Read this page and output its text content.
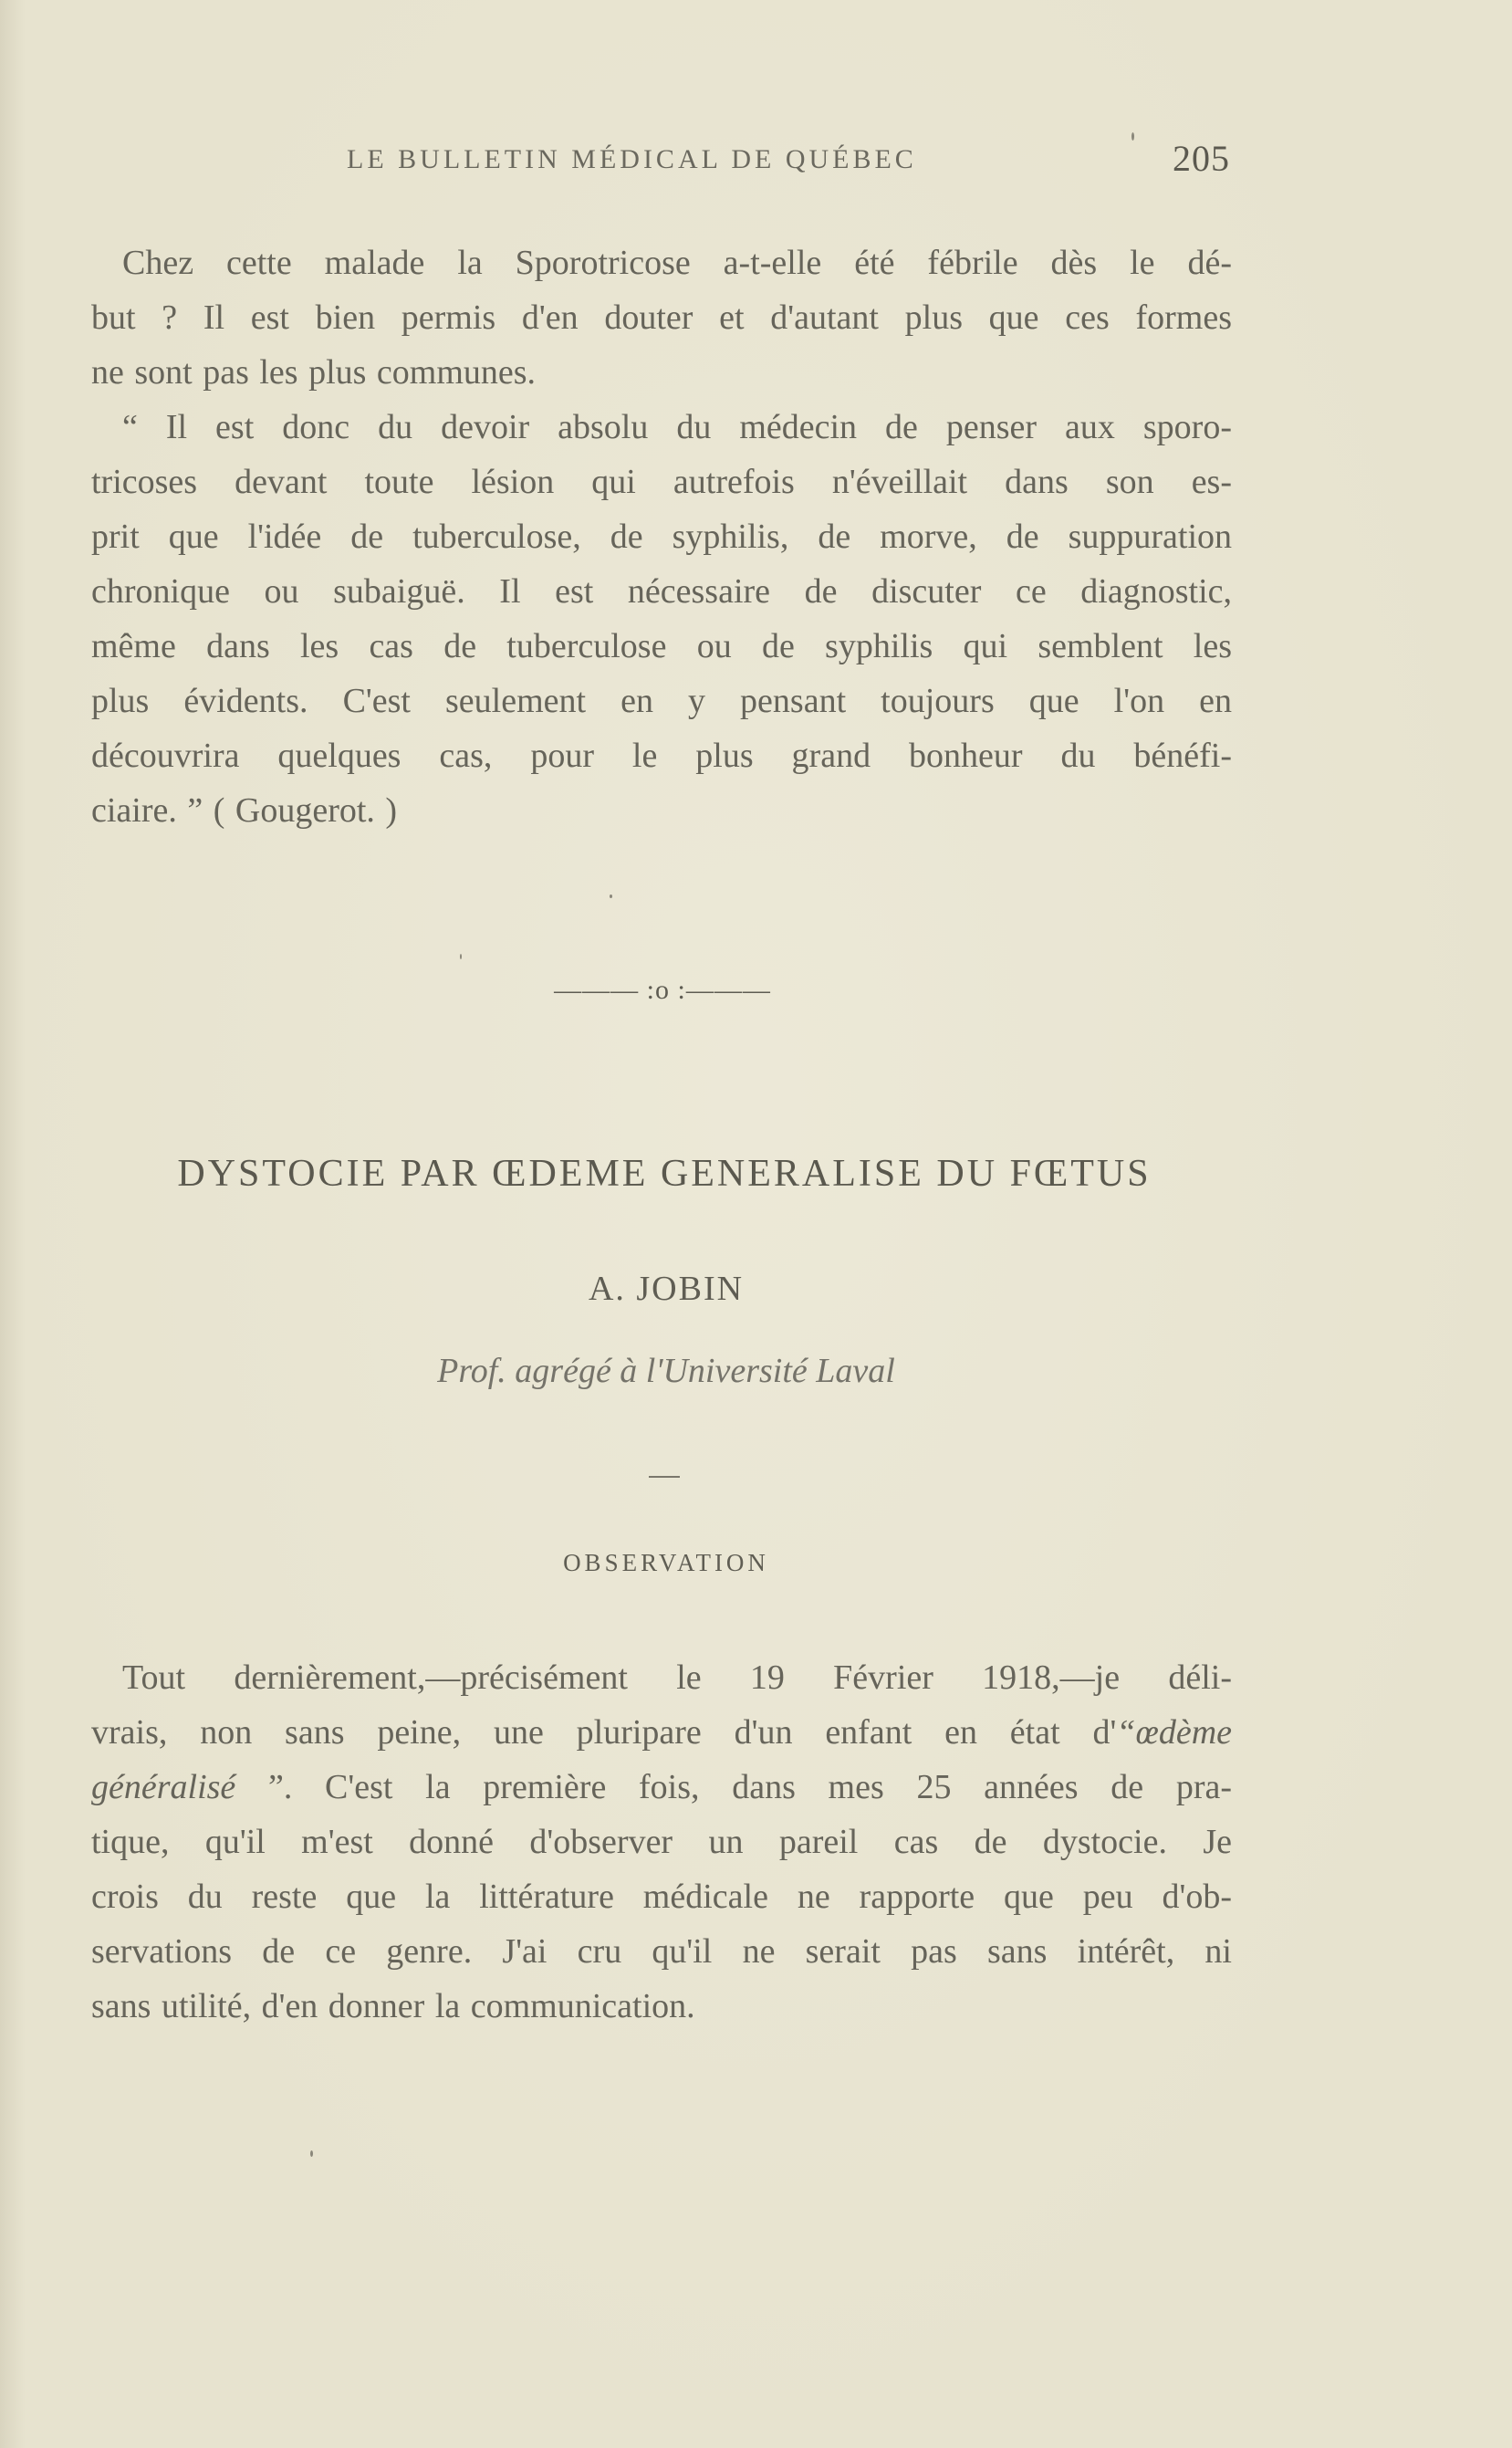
LE BULLETIN MÉDICAL DE QUÉBEC	205
Chez cette malade la Sporotricose a-t-elle été fébrile dès le dé-
but ? Il est bien permis d'en douter et d'autant plus que ces formes
ne sont pas les plus communes.
“ Il est donc du devoir absolu du médecin de penser aux sporo-
tricoses devant toute lésion qui autrefois n'éveillait dans son es-
prit que l'idée de tuberculose, de syphilis, de morve, de suppuration
chronique ou subaiguë. Il est nécessaire de discuter ce diagnostic,
même dans les cas de tuberculose ou de syphilis qui semblent les
plus évidents. C'est seulement en y pensant toujours que l'on en
découvrira quelques cas, pour le plus grand bonheur du bénéfi-
ciaire. ” ( Gougerot. )
——— :o :———
DYSTOCIE PAR ŒDEME GENERALISE DU FŒTUS
A. JOBIN
Prof. agrégé à l'Université Laval
OBSERVATION
Tout dernièrement,—précisément le 19 Février 1918,—je déli-
vrais, non sans peine, une pluripare d'un enfant en état d'“œdème
généralisé ”. C'est la première fois, dans mes 25 années de pra-
tique, qu'il m'est donné d'observer un pareil cas de dystocie. Je
crois du reste que la littérature médicale ne rapporte que peu d'ob-
servations de ce genre. J'ai cru qu'il ne serait pas sans intérêt, ni
sans utilité, d'en donner la communication.
